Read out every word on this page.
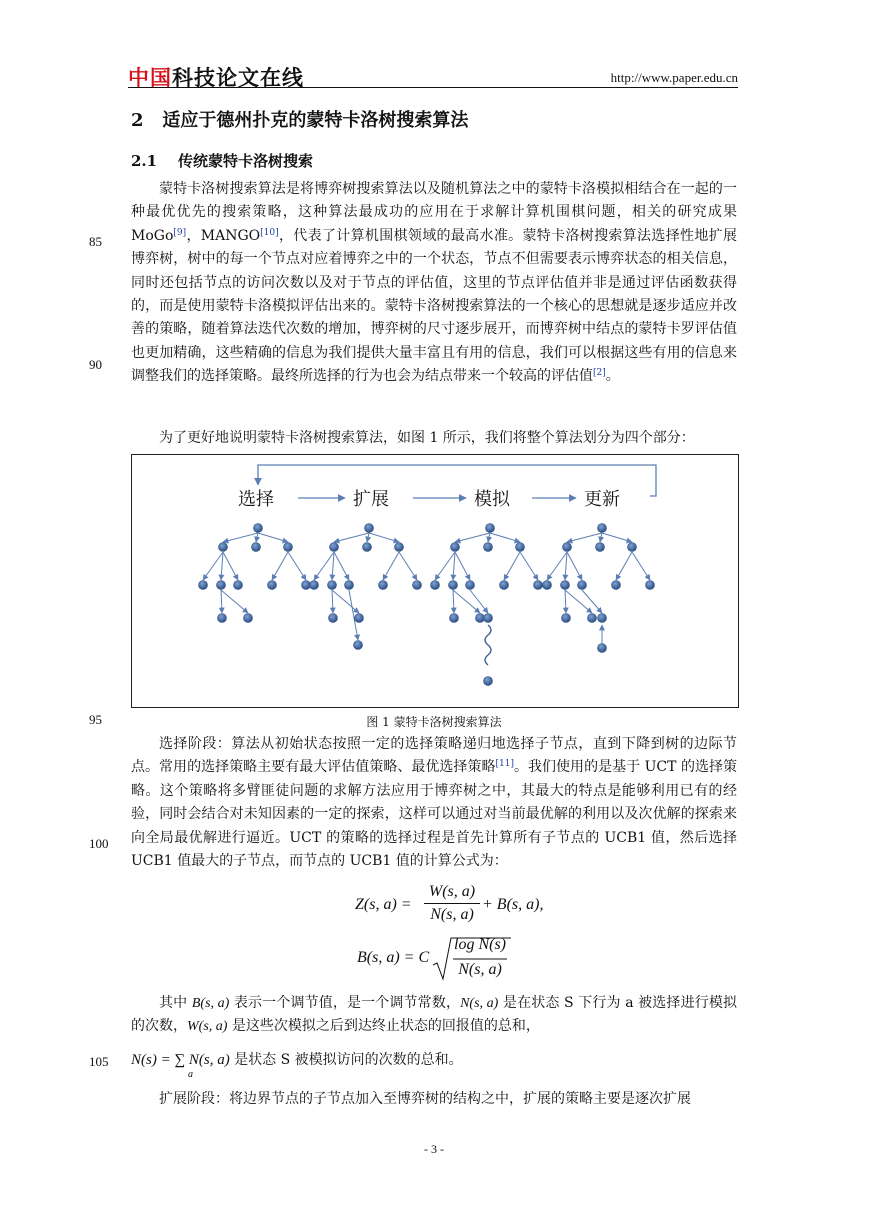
中国科技论文在线	http://www.paper.edu.cn
2   适应于德州扑克的蒙特卡洛树搜索算法
2.1    传统蒙特卡洛树搜索

蒙特卡洛树搜索算法是将博弈树搜索算法以及随机算法之中的蒙特卡洛模拟相结合在一起的一种最优优先的搜索策略，这种算法最成功的应用在于求解计算机围棋问题，相关的研究成果 MoGo[9]，MANGO[10]，代表了计算机围棋领域的最高水准。蒙特卡洛树搜索算法选择性地扩展博弈树，树中的每一个节点对应着博弈之中的一个状态，节点不但需要表示博弈状态的相关信息，同时还包括节点的访问次数以及对于节点的评估值，这里的节点评估值并非是通过评估函数获得的，而是使用蒙特卡洛模拟评估出来的。蒙特卡洛树搜索算法的一个核心的思想就是逐步适应并改善的策略，随着算法迭代次数的增加，博弈树的尺寸逐步展开，而博弈树中结点的蒙特卡罗评估值也更加精确，这些精确的信息为我们提供大量丰富且有用的信息，我们可以根据这些有用的信息来调整我们的选择策略。最终所选择的行为也会为结点带来一个较高的评估值[2]。

为了更好地说明蒙特卡洛树搜索算法，如图 1 所示，我们将整个算法划分为四个部分：

85
90
95
100
105
选择	扩展	模拟	更新
图 1 蒙特卡洛树搜索算法

选择阶段：算法从初始状态按照一定的选择策略递归地选择子节点，直到下降到树的边际节点。常用的选择策略主要有最大评估值策略、最优选择策略[11]。我们使用的是基于 UCT 的选择策略。这个策略将多臂匪徒问题的求解方法应用于博弈树之中，其最大的特点是能够利用已有的经验，同时会结合对未知因素的一定的探索，这样可以通过对当前最优解的利用以及次优解的探索来向全局最优解进行逼近。UCT 的策略的选择过程是首先计算所有子节点的 UCB1 值，然后选择 UCB1 值最大的子节点，而节点的 UCB1 值的计算公式为：

Z(s, a) =
W(s, a)
N(s, a)
+ B(s, a),
B(s, a) = C
log N(s)
N(s, a)

其中 B(s, a) 表示一个调节值，是一个调节常数，N(s, a) 是在状态 S 下行为 a 被选择进行模拟的次数，W(s, a) 是这些次模拟之后到达终止状态的回报值的总和，

N(s) = ∑ N(s, a) 是状态 S 被模拟访问的次数的总和。
a

扩展阶段：将边界节点的子节点加入至博弈树的结构之中，扩展的策略主要是逐次扩展

- 3 -
